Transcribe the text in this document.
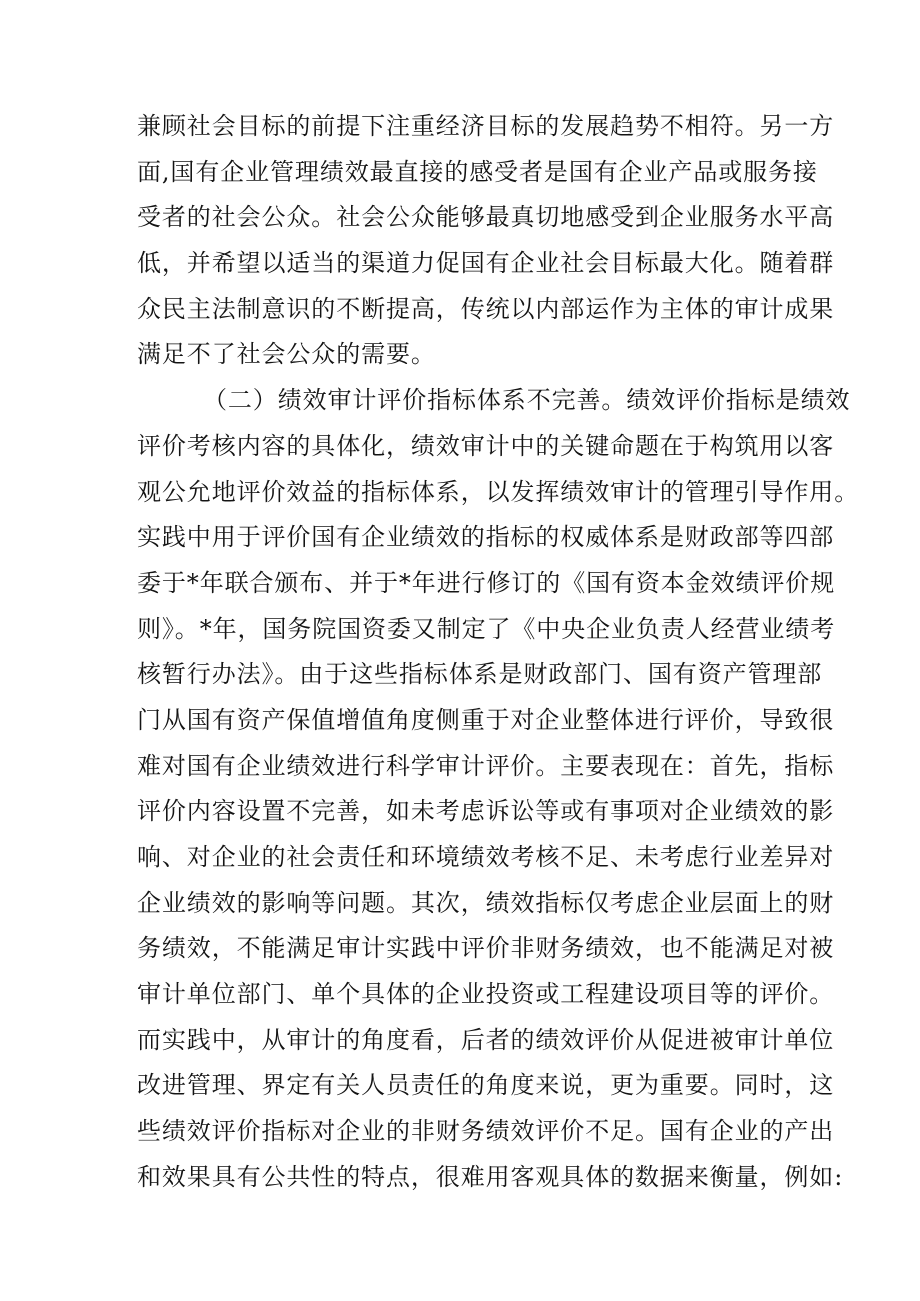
兼顾社会目标的前提下注重经济目标的发展趋势不相符。另一方
面,国有企业管理绩效最直接的感受者是国有企业产品或服务接
受者的社会公众。社会公众能够最真切地感受到企业服务水平高
低，并希望以适当的渠道力促国有企业社会目标最大化。随着群
众民主法制意识的不断提高，传统以内部运作为主体的审计成果
满足不了社会公众的需要。
（二）绩效审计评价指标体系不完善。绩效评价指标是绩效
评价考核内容的具体化，绩效审计中的关键命题在于构筑用以客
观公允地评价效益的指标体系，以发挥绩效审计的管理引导作用。
实践中用于评价国有企业绩效的指标的权威体系是财政部等四部
委于*年联合颁布、并于*年进行修订的《国有资本金效绩评价规
则》。*年，国务院国资委又制定了《中央企业负责人经营业绩考
核暂行办法》。由于这些指标体系是财政部门、国有资产管理部
门从国有资产保值增值角度侧重于对企业整体进行评价，导致很
难对国有企业绩效进行科学审计评价。主要表现在：首先，指标
评价内容设置不完善，如未考虑诉讼等或有事项对企业绩效的影
响、对企业的社会责任和环境绩效考核不足、未考虑行业差异对
企业绩效的影响等问题。其次，绩效指标仅考虑企业层面上的财
务绩效，不能满足审计实践中评价非财务绩效，也不能满足对被
审计单位部门、单个具体的企业投资或工程建设项目等的评价。
而实践中，从审计的角度看，后者的绩效评价从促进被审计单位
改进管理、界定有关人员责任的角度来说，更为重要。同时，这
些绩效评价指标对企业的非财务绩效评价不足。国有企业的产出
和效果具有公共性的特点，很难用客观具体的数据来衡量，例如:
